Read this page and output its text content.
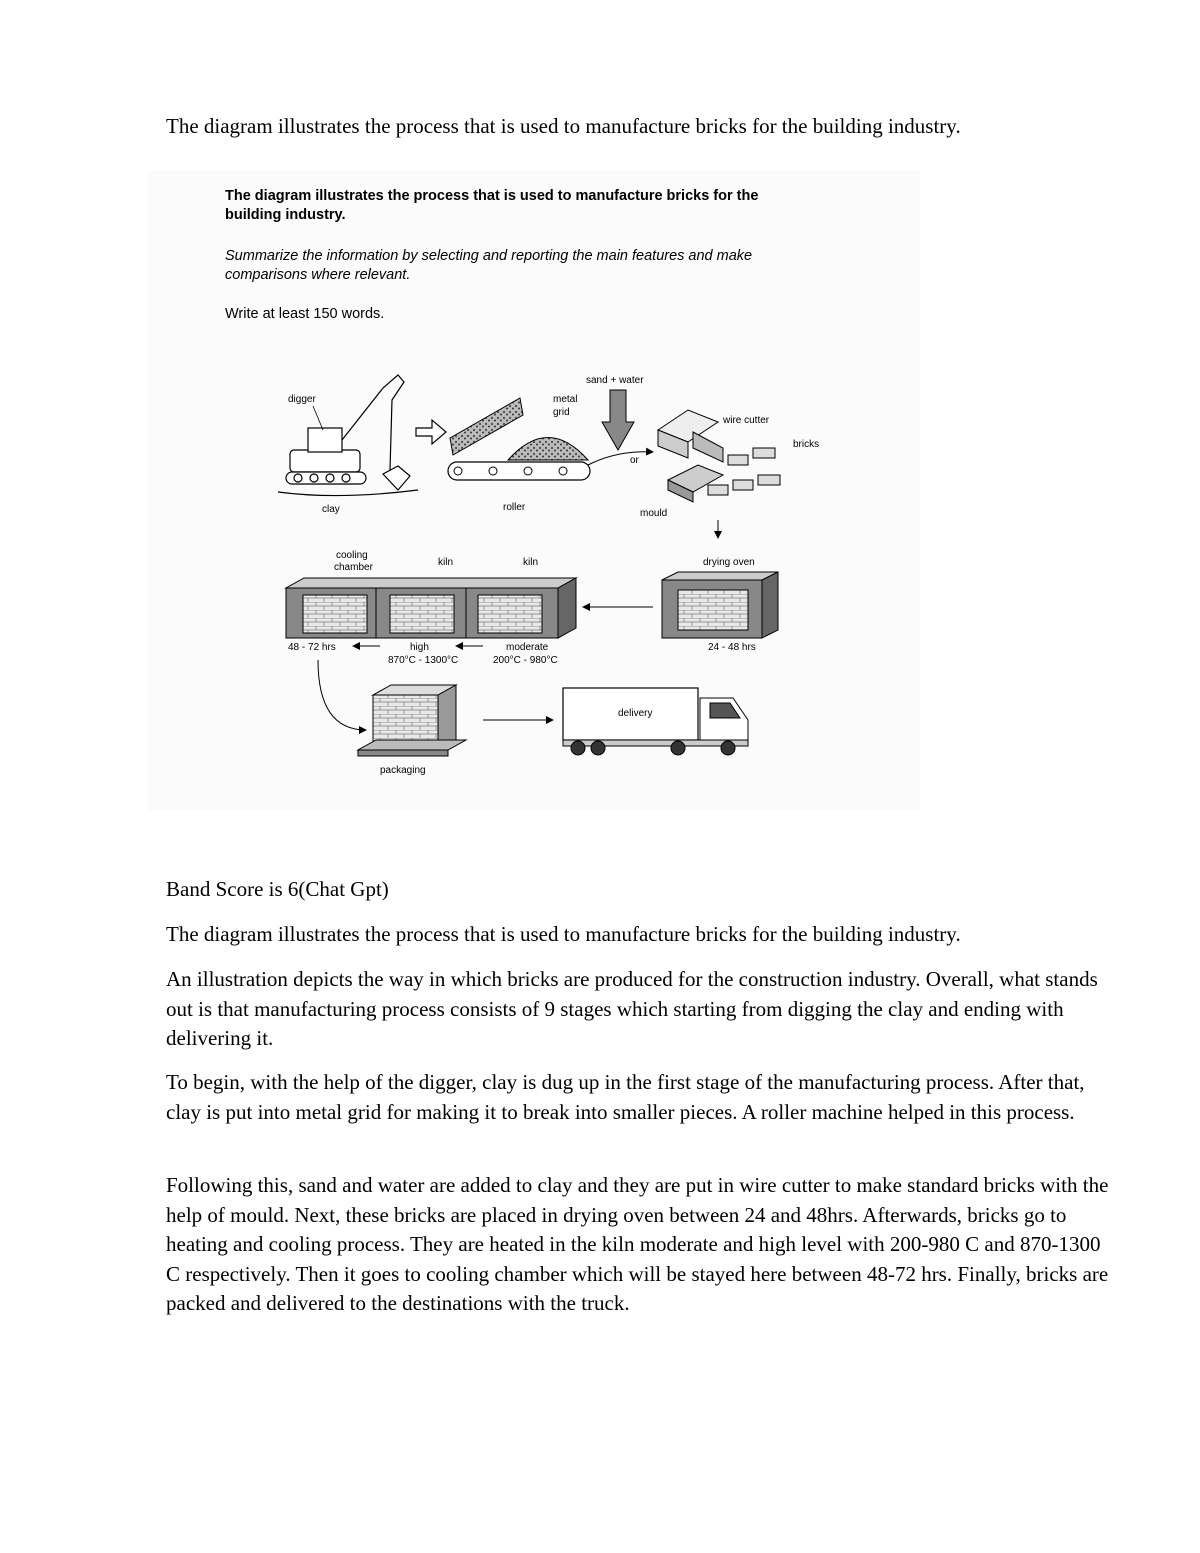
The diagram illustrates the process that is used to manufacture bricks for the building industry.

The diagram illustrates the process that is used to manufacture bricks for the
building industry.
Summarize the information by selecting and reporting the main features and make
comparisons where relevant.
Write at least 150 words.
digger
clay
metal
grid
roller
sand + water
or
wire cutter
bricks
mould
drying oven
24 - 48 hrs
cooling
chamber	kiln	kiln
48 - 72 hrs	high
870°C - 1300°C
moderate
200°C - 980°C
packaging
delivery

Band Score is 6(Chat Gpt)

The diagram illustrates the process that is used to manufacture bricks for the building industry.

An illustration depicts the way in which bricks are produced for the construction industry. Overall, what stands out is that manufacturing process consists of 9 stages which starting from digging the clay and ending with delivering it.

To begin, with the help of the digger, clay is dug up in the first stage of the manufacturing process. After that, clay is put into metal grid for making it to break into smaller pieces. A roller machine helped in this process.

Following this, sand and water are added to clay and they are put in wire cutter to make standard bricks with the help of mould. Next, these bricks are placed in drying oven between 24 and 48hrs. Afterwards, bricks go to heating and cooling process. They are heated in the kiln moderate and high level with 200-980 C and 870-1300 C respectively. Then it goes to cooling chamber which will be stayed here between 48-72 hrs. Finally, bricks are packed and delivered to the destinations with the truck.
